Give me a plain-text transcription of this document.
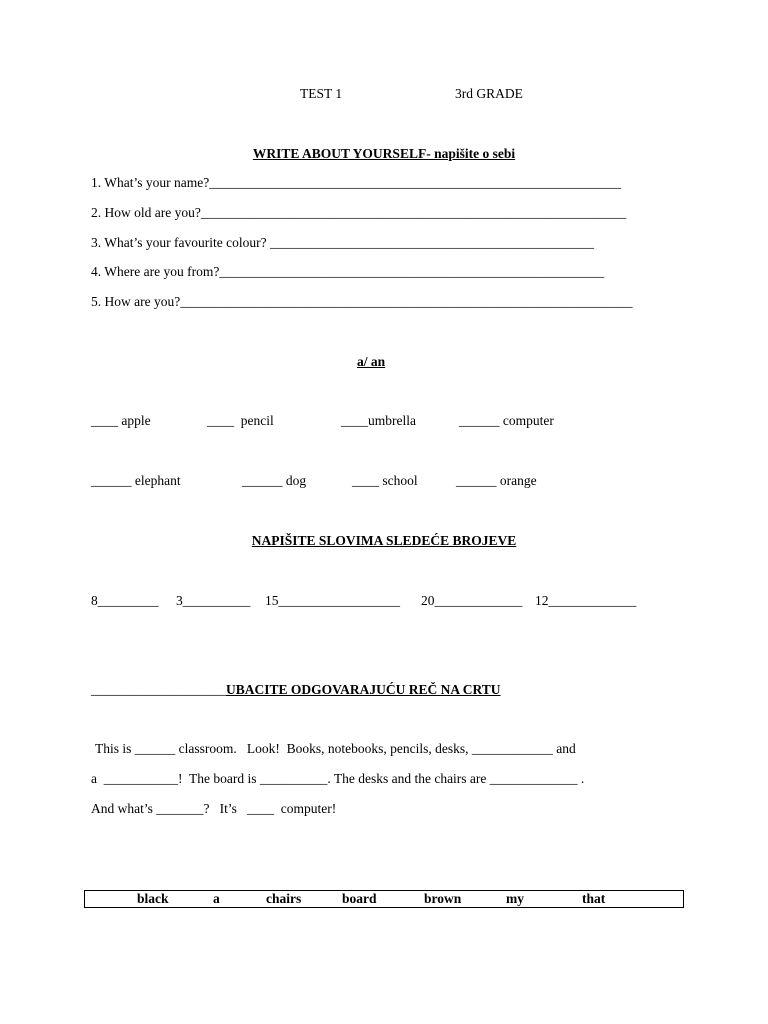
TEST 1	3rd GRADE
WRITE ABOUT YOURSELF- napišite o sebi
1. What’s your name?_____________________________________________________________
2. How old are you?_______________________________________________________________
3. What’s your favourite colour? ________________________________________________
4. Where are you from?_________________________________________________________
5. How are you?___________________________________________________________________
a/ an
____ apple	____  pencil	____umbrella	______ computer
______ elephant	______ dog	____ school	______ orange
NAPIŠITE SLOVIMA SLEDEĆE BROJEVE
8_________ 3__________ 15__________________ 20_____________ 12_____________
____________________UBACITE ODGOVARAJUĆU REČ NA CRTU
This is ______ classroom.   Look!  Books, notebooks, pencils, desks, ____________ and
a  ___________!  The board is __________. The desks and the chairs are _____________ .
And what’s _______?   It’s   ____  computer!
black	a	chairs	board	brown	my	that
